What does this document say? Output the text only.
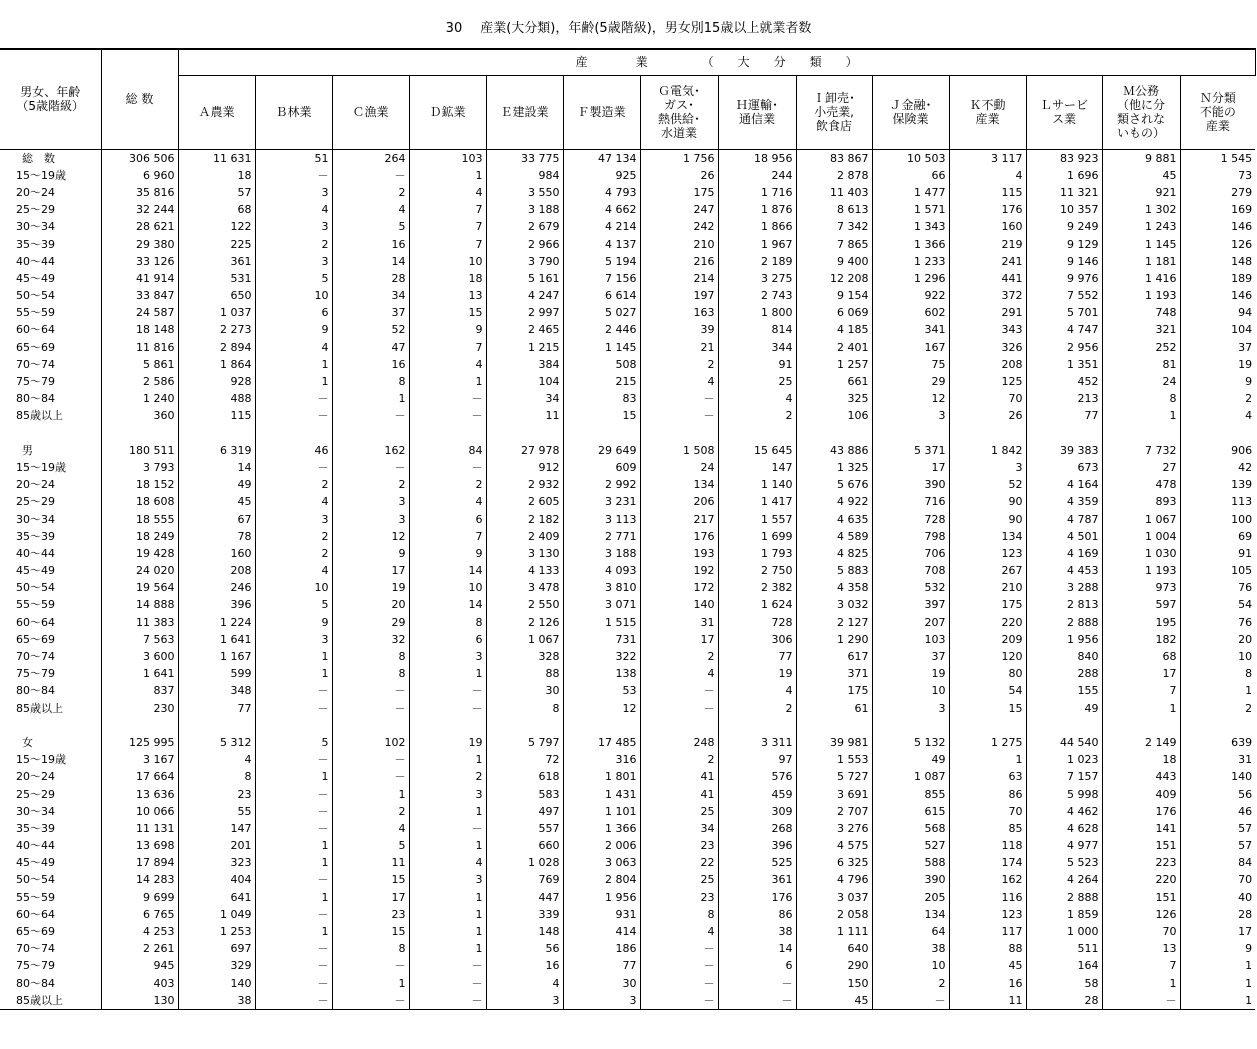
30 産業(大分類)，年齢(5歳階級)，男女別15歳以上就業者数
男女、年齢
（5歳階級）	総 数	産　　　　業　　　　　（　　大　　分　　類　　）													
		Ａ農業	Ｂ林業	Ｃ漁業	Ｄ鉱業	Ｅ建設業	Ｆ製造業	Ｇ電気･
ガス･
熱供給･
水道業	Ｈ運輸･
通信業	Ｉ卸売･
小売業,
飲食店	Ｊ金融･
保険業	Ｋ不動
産業	Ｌサービ
ス業	Ｍ公務
（他に分
類されな
いもの）	Ｎ分類
不能の
産業
総　数	306 506	11 631	51	264	103	33 775	47 134	1 756	18 956	83 867	10 503	3 117	83 923	9 881	1 545
15～19歳	6 960	18	－	－	1	984	925	26	244	2 878	66	4	1 696	45	73
20～24	35 816	57	3	2	4	3 550	4 793	175	1 716	11 403	1 477	115	11 321	921	279
25～29	32 244	68	4	4	7	3 188	4 662	247	1 876	8 613	1 571	176	10 357	1 302	169
30～34	28 621	122	3	5	7	2 679	4 214	242	1 866	7 342	1 343	160	9 249	1 243	146
35～39	29 380	225	2	16	7	2 966	4 137	210	1 967	7 865	1 366	219	9 129	1 145	126
40～44	33 126	361	3	14	10	3 790	5 194	216	2 189	9 400	1 233	241	9 146	1 181	148
45～49	41 914	531	5	28	18	5 161	7 156	214	3 275	12 208	1 296	441	9 976	1 416	189
50～54	33 847	650	10	34	13	4 247	6 614	197	2 743	9 154	922	372	7 552	1 193	146
55～59	24 587	1 037	6	37	15	2 997	5 027	163	1 800	6 069	602	291	5 701	748	94
60～64	18 148	2 273	9	52	9	2 465	2 446	39	814	4 185	341	343	4 747	321	104
65～69	11 816	2 894	4	47	7	1 215	1 145	21	344	2 401	167	326	2 956	252	37
70～74	5 861	1 864	1	16	4	384	508	2	91	1 257	75	208	1 351	81	19
75～79	2 586	928	1	8	1	104	215	4	25	661	29	125	452	24	9
80～84	1 240	488	－	1	－	34	83	－	4	325	12	70	213	8	2
85歳以上	360	115	－	－	－	11	15	－	2	106	3	26	77	1	4

男	180 511	6 319	46	162	84	27 978	29 649	1 508	15 645	43 886	5 371	1 842	39 383	7 732	906
15～19歳	3 793	14	－	－	－	912	609	24	147	1 325	17	3	673	27	42
20～24	18 152	49	2	2	2	2 932	2 992	134	1 140	5 676	390	52	4 164	478	139
25～29	18 608	45	4	3	4	2 605	3 231	206	1 417	4 922	716	90	4 359	893	113
30～34	18 555	67	3	3	6	2 182	3 113	217	1 557	4 635	728	90	4 787	1 067	100
35～39	18 249	78	2	12	7	2 409	2 771	176	1 699	4 589	798	134	4 501	1 004	69
40～44	19 428	160	2	9	9	3 130	3 188	193	1 793	4 825	706	123	4 169	1 030	91
45～49	24 020	208	4	17	14	4 133	4 093	192	2 750	5 883	708	267	4 453	1 193	105
50～54	19 564	246	10	19	10	3 478	3 810	172	2 382	4 358	532	210	3 288	973	76
55～59	14 888	396	5	20	14	2 550	3 071	140	1 624	3 032	397	175	2 813	597	54
60～64	11 383	1 224	9	29	8	2 126	1 515	31	728	2 127	207	220	2 888	195	76
65～69	7 563	1 641	3	32	6	1 067	731	17	306	1 290	103	209	1 956	182	20
70～74	3 600	1 167	1	8	3	328	322	2	77	617	37	120	840	68	10
75～79	1 641	599	1	8	1	88	138	4	19	371	19	80	288	17	8
80～84	837	348	－	－	－	30	53	－	4	175	10	54	155	7	1
85歳以上	230	77	－	－	－	8	12	－	2	61	3	15	49	1	2

女	125 995	5 312	5	102	19	5 797	17 485	248	3 311	39 981	5 132	1 275	44 540	2 149	639
15～19歳	3 167	4	－	－	1	72	316	2	97	1 553	49	1	1 023	18	31
20～24	17 664	8	1	－	2	618	1 801	41	576	5 727	1 087	63	7 157	443	140
25～29	13 636	23	－	1	3	583	1 431	41	459	3 691	855	86	5 998	409	56
30～34	10 066	55	－	2	1	497	1 101	25	309	2 707	615	70	4 462	176	46
35～39	11 131	147	－	4	－	557	1 366	34	268	3 276	568	85	4 628	141	57
40～44	13 698	201	1	5	1	660	2 006	23	396	4 575	527	118	4 977	151	57
45～49	17 894	323	1	11	4	1 028	3 063	22	525	6 325	588	174	5 523	223	84
50～54	14 283	404	－	15	3	769	2 804	25	361	4 796	390	162	4 264	220	70
55～59	9 699	641	1	17	1	447	1 956	23	176	3 037	205	116	2 888	151	40
60～64	6 765	1 049	－	23	1	339	931	8	86	2 058	134	123	1 859	126	28
65～69	4 253	1 253	1	15	1	148	414	4	38	1 111	64	117	1 000	70	17
70～74	2 261	697	－	8	1	56	186	－	14	640	38	88	511	13	9
75～79	945	329	－	－	－	16	77	－	6	290	10	45	164	7	1
80～84	403	140	－	1	－	4	30	－	－	150	2	16	58	1	1
85歳以上	130	38	－	－	－	3	3	－	－	45	－	11	28	－	1
